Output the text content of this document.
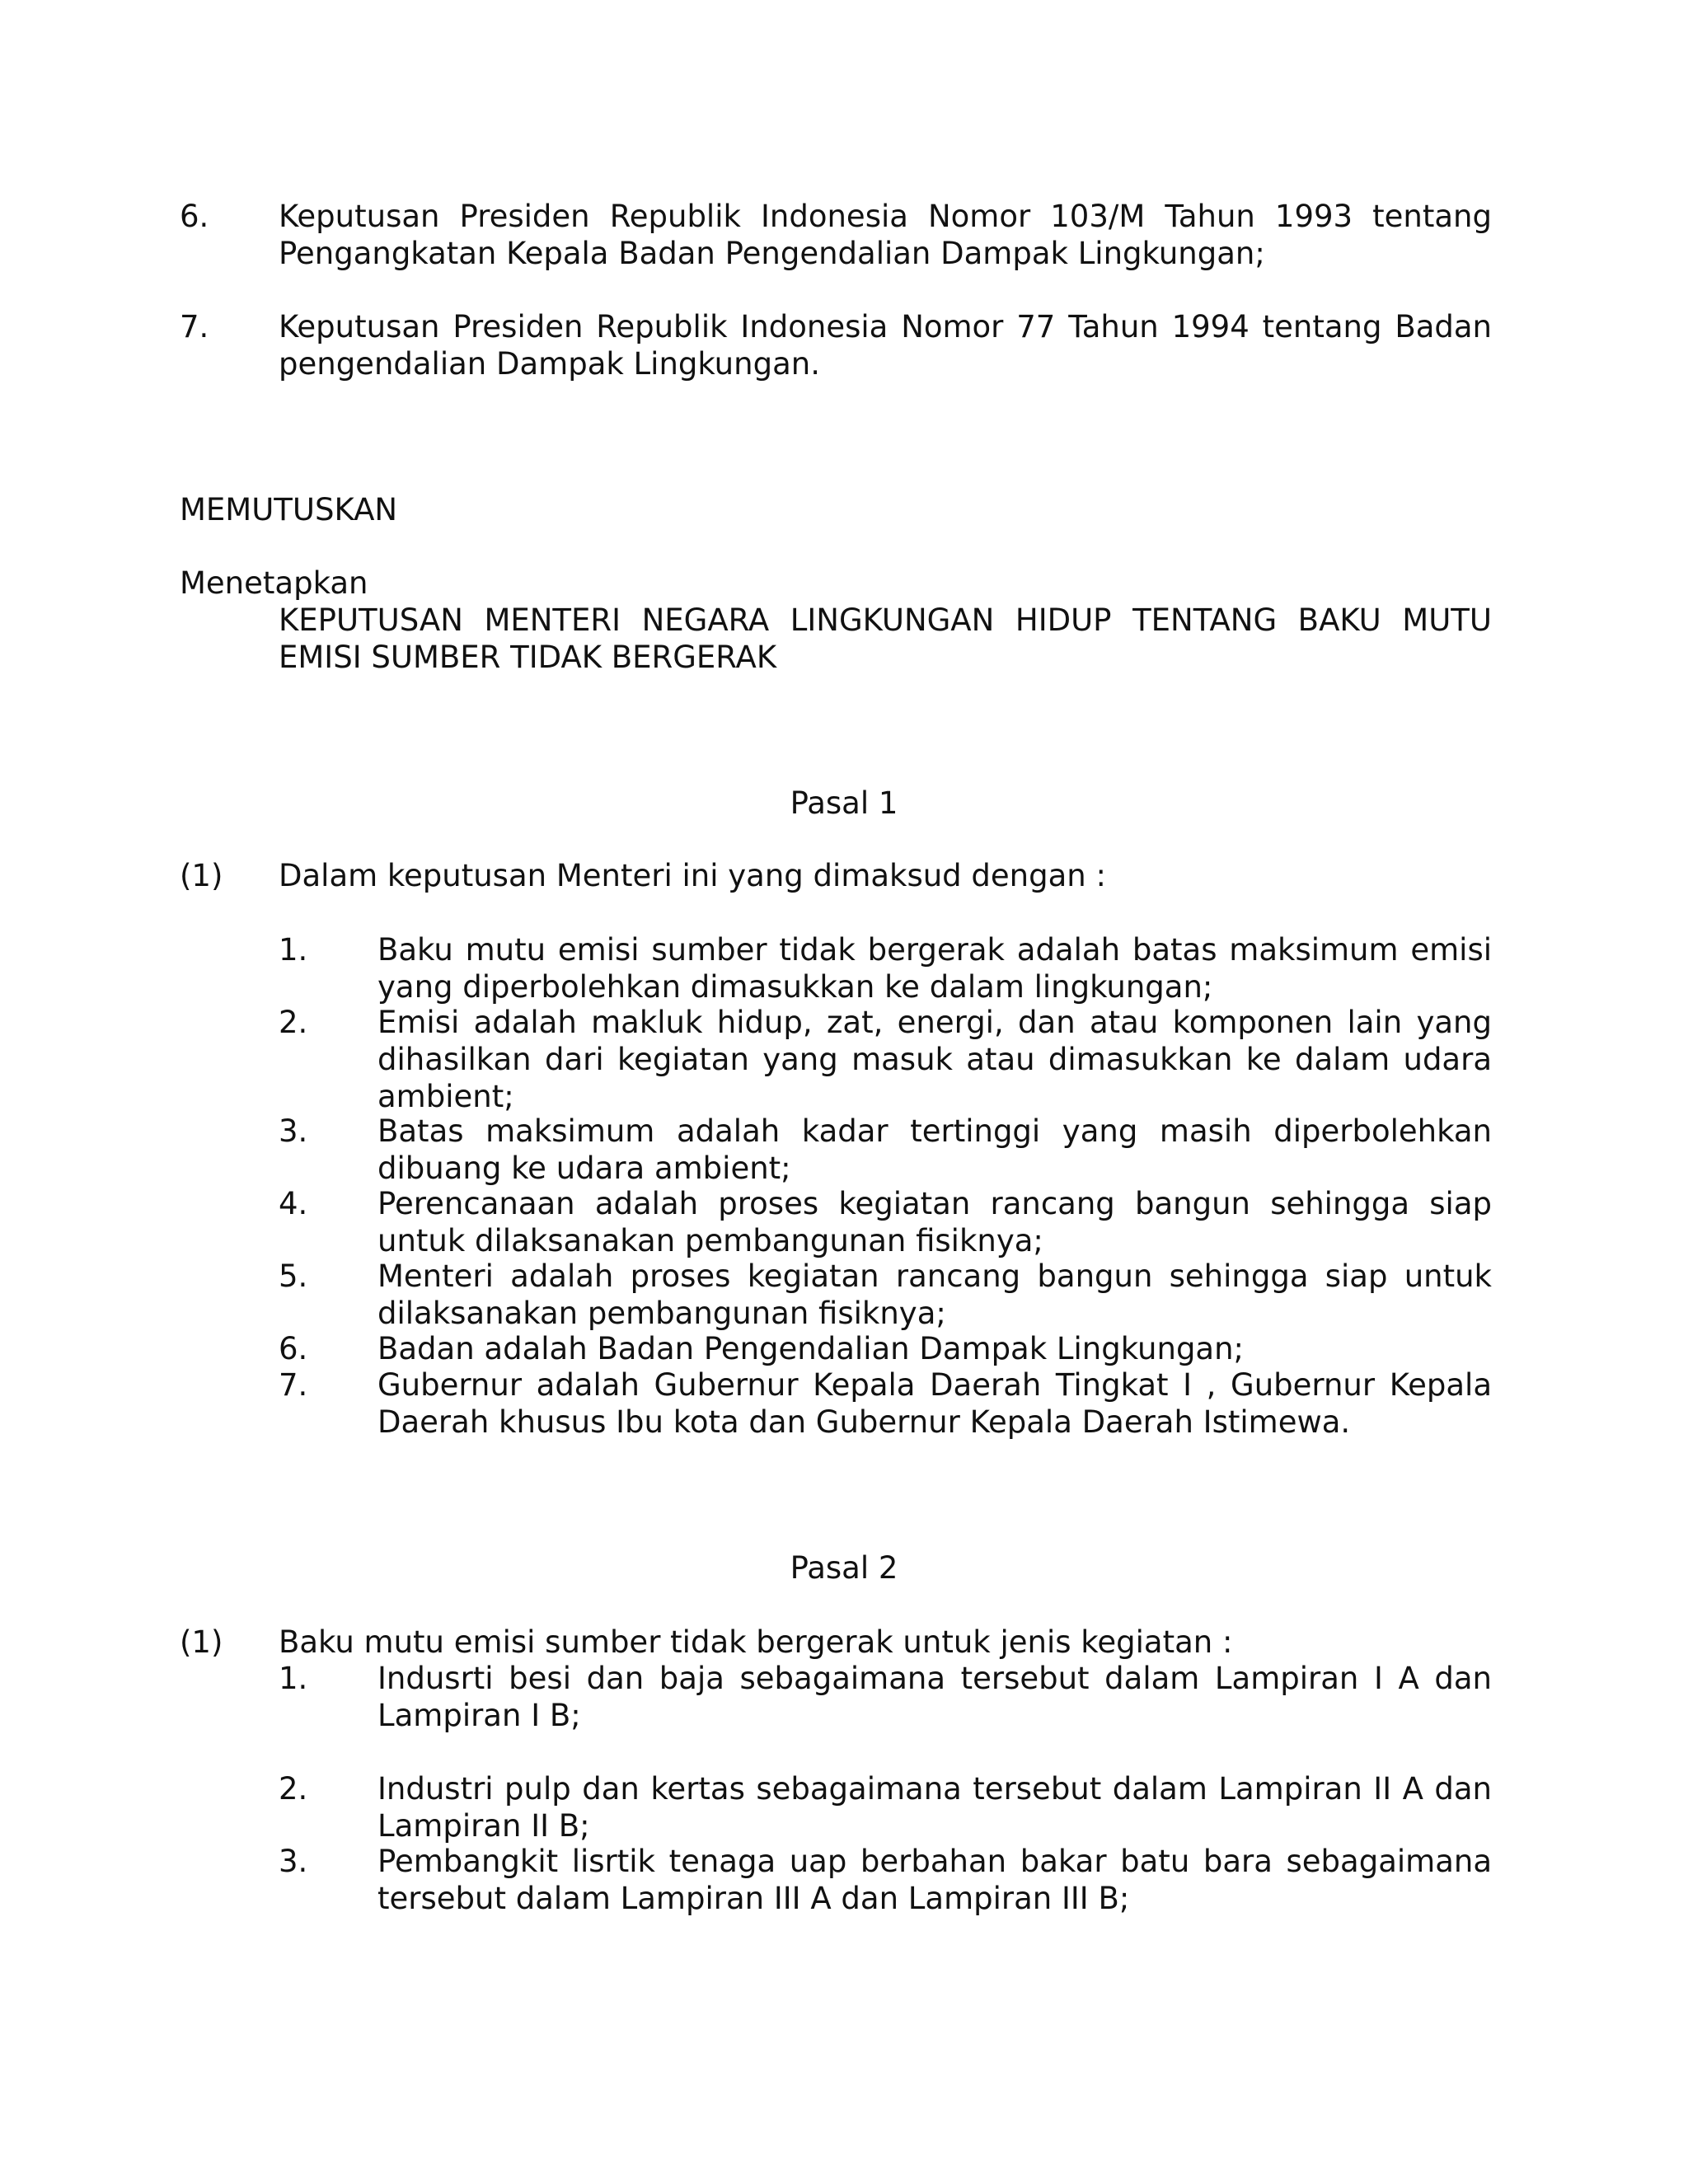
6. Keputusan Presiden Republik Indonesia Nomor 103/M Tahun 1993 tentang Pengangkatan Kepala Badan Pengendalian Dampak Lingkungan;
7. Keputusan Presiden Republik Indonesia Nomor 77 Tahun 1994 tentang Badan pengendalian Dampak Lingkungan.
MEMUTUSKAN
Menetapkan
KEPUTUSAN MENTERI NEGARA LINGKUNGAN HIDUP TENTANG BAKU MUTU EMISI SUMBER TIDAK BERGERAK
Pasal 1
(1) Dalam keputusan Menteri ini yang dimaksud dengan :
1. Baku mutu emisi sumber tidak bergerak adalah batas maksimum emisi yang diperbolehkan dimasukkan ke dalam lingkungan;
2. Emisi adalah makluk hidup, zat, energi, dan atau komponen lain yang dihasilkan dari kegiatan yang masuk atau dimasukkan ke dalam udara ambient;
3. Batas maksimum adalah kadar tertinggi yang masih diperbolehkan dibuang ke udara ambient;
4. Perencanaan adalah proses kegiatan rancang bangun sehingga siap untuk dilaksanakan pembangunan fisiknya;
5. Menteri adalah proses kegiatan rancang bangun sehingga siap untuk dilaksanakan pembangunan fisiknya;
6. Badan adalah Badan Pengendalian Dampak Lingkungan;
7. Gubernur adalah Gubernur Kepala Daerah Tingkat I , Gubernur Kepala Daerah khusus Ibu kota dan Gubernur Kepala Daerah Istimewa.
Pasal 2
(1) Baku mutu emisi sumber tidak bergerak untuk jenis kegiatan :
1. Indusrti besi dan baja sebagaimana tersebut dalam Lampiran I A dan Lampiran I B;
2. Industri pulp dan kertas sebagaimana tersebut dalam Lampiran II A dan Lampiran II B;
3. Pembangkit lisrtik tenaga uap berbahan bakar batu bara sebagaimana tersebut dalam Lampiran III A dan Lampiran III B;
